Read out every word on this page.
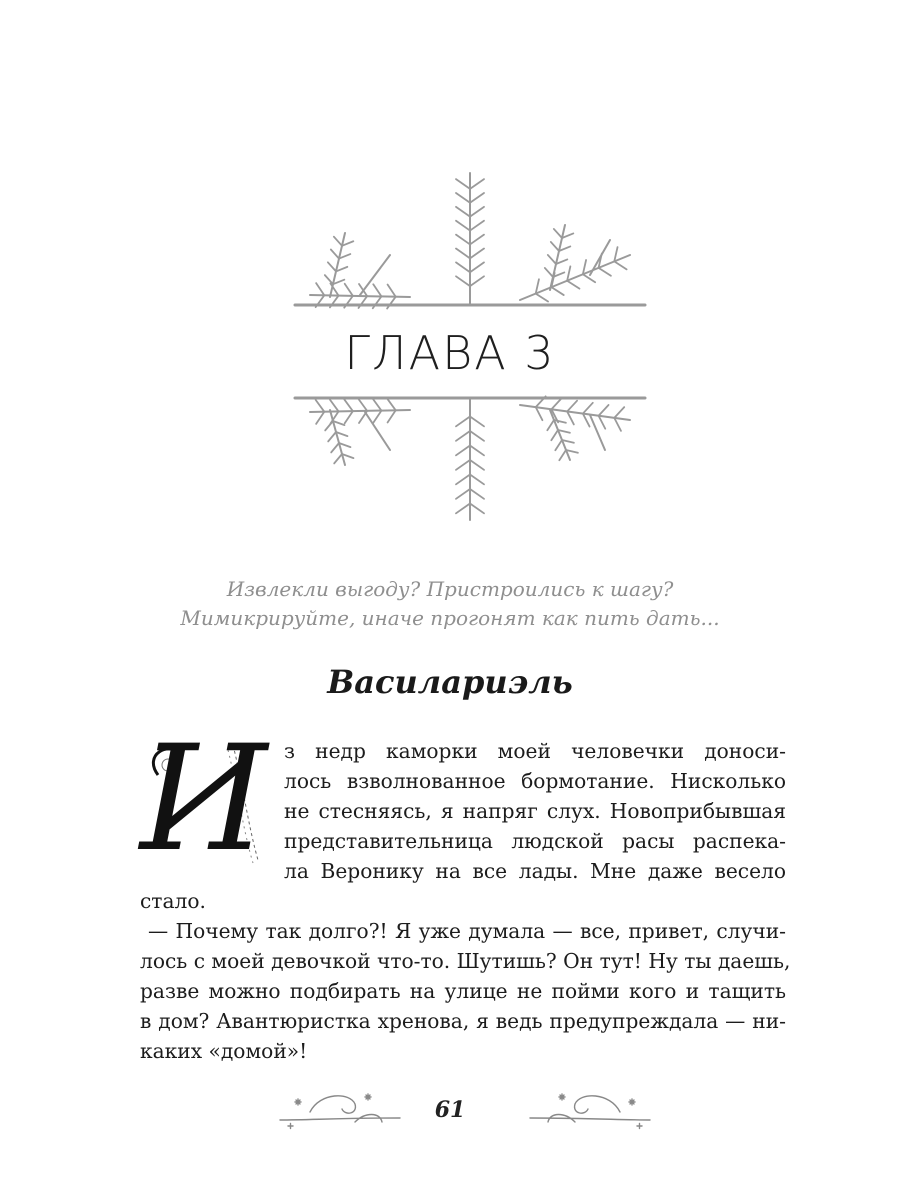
ГЛАВА 3
Извлекли выгоду? Пристроились к шагу?
Мимикрируйте, иначе прогонят как пить дать...
Василариэль
И з недр каморки моей человечки доноси-
лось взволнованное бормотание. Нисколько
не стесняясь, я напряг слух. Новоприбывшая
представительница людской расы распека-
ла Веронику на все лады. Мне даже весело
стало.
— Почему так долго?! Я уже думала — все, привет, случи-
лось с моей девочкой что-то. Шутишь? Он тут! Ну ты даешь,
разве можно подбирать на улице не пойми кого и тащить
в дом? Авантюристка хренова, я ведь предупреждала — ни-
каких «домой»!
61
